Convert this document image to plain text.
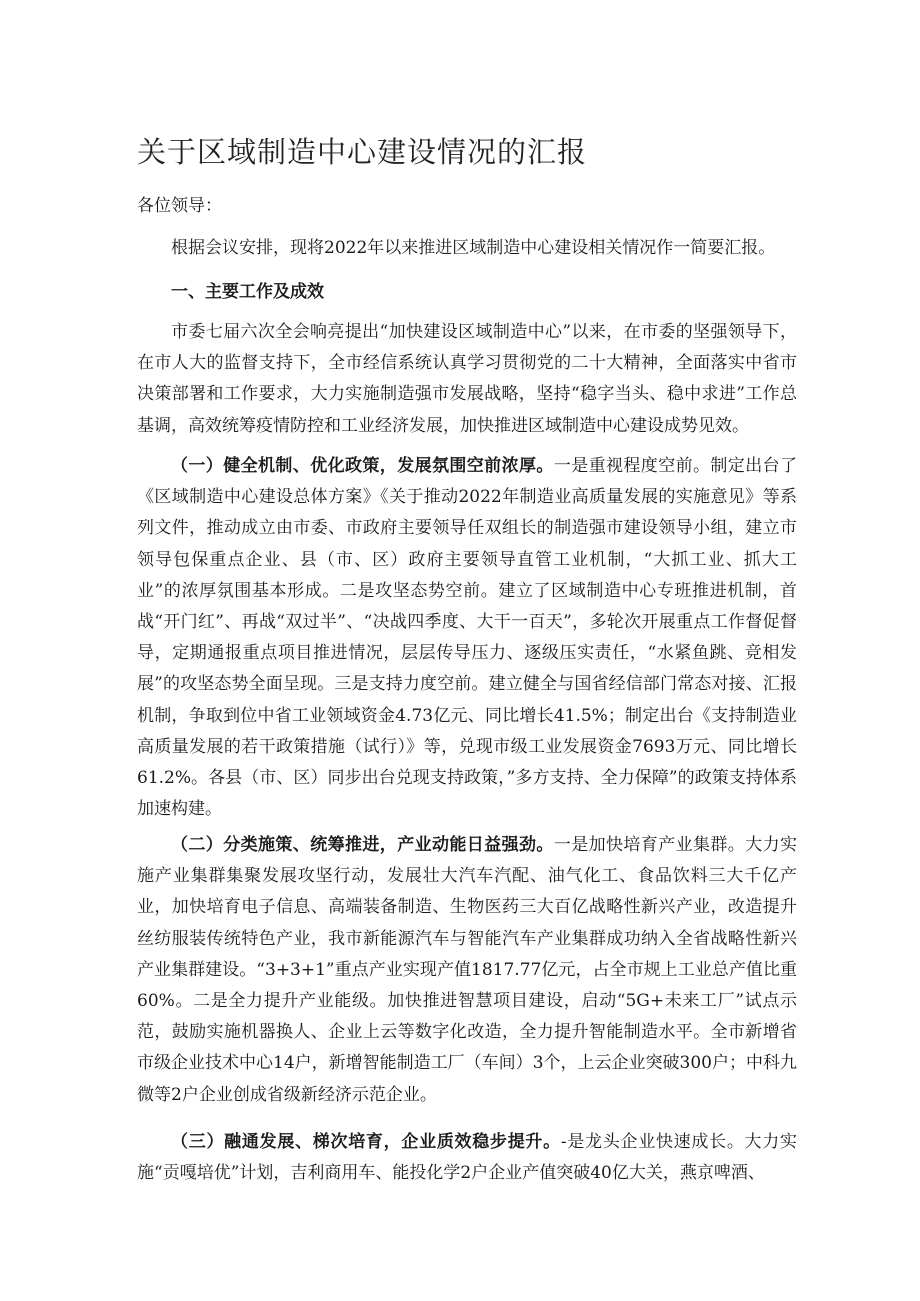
关于区域制造中心建设情况的汇报
各位领导：
根据会议安排，现将2022年以来推进区域制造中心建设相关情况作一简要汇报。
一、主要工作及成效

市委七届六次全会响亮提出“加快建设区域制造中心”以来，在市委的坚强领导下，在市人大的监督支持下，全市经信系统认真学习贯彻党的二十大精神，全面落实中省市决策部署和工作要求，大力实施制造强市发展战略，坚持“稳字当头、稳中求进”工作总基调，高效统筹疫情防控和工业经济发展，加快推进区域制造中心建设成势见效。

（一）健全机制、优化政策，发展氛围空前浓厚。一是重视程度空前。制定出台了《区域制造中心建设总体方案》《关于推动2022年制造业高质量发展的实施意见》等系列文件，推动成立由市委、市政府主要领导任双组长的制造强市建设领导小组，建立市领导包保重点企业、县（市、区）政府主要领导直管工业机制，“大抓工业、抓大工业”的浓厚氛围基本形成。二是攻坚态势空前。建立了区域制造中心专班推进机制，首战“开门红”、再战“双过半”、“决战四季度、大干一百天”，多轮次开展重点工作督促督导，定期通报重点项目推进情况，层层传导压力、逐级压实责任，“水紧鱼跳、竞相发展”的攻坚态势全面呈现。三是支持力度空前。建立健全与国省经信部门常态对接、汇报机制，争取到位中省工业领域资金4.73亿元、同比增长41.5%；制定出台《支持制造业高质量发展的若干政策措施（试行）》等，兑现市级工业发展资金7693万元、同比增长61.2%。各县（市、区）同步出台兑现支持政策，”多方支持、全力保障”的政策支持体系加速构建。

（二）分类施策、统筹推进，产业动能日益强劲。一是加快培育产业集群。大力实施产业集群集聚发展攻坚行动，发展壮大汽车汽配、油气化工、食品饮料三大千亿产业，加快培育电子信息、高端装备制造、生物医药三大百亿战略性新兴产业，改造提升丝纺服装传统特色产业，我市新能源汽车与智能汽车产业集群成功纳入全省战略性新兴产业集群建设。“3+3+1”重点产业实现产值1817.77亿元，占全市规上工业总产值比重60%。二是全力提升产业能级。加快推进智慧项目建设，启动“5G+未来工厂”试点示范，鼓励实施机器换人、企业上云等数字化改造，全力提升智能制造水平。全市新增省市级企业技术中心14户，新增智能制造工厂（车间）3个，上云企业突破300户；中科九微等2户企业创成省级新经济示范企业。

（三）融通发展、梯次培育，企业质效稳步提升。-是龙头企业快速成长。大力实施“贡嘎培优”计划，吉利商用车、能投化学2户企业产值突破40亿大关，燕京啤酒、
